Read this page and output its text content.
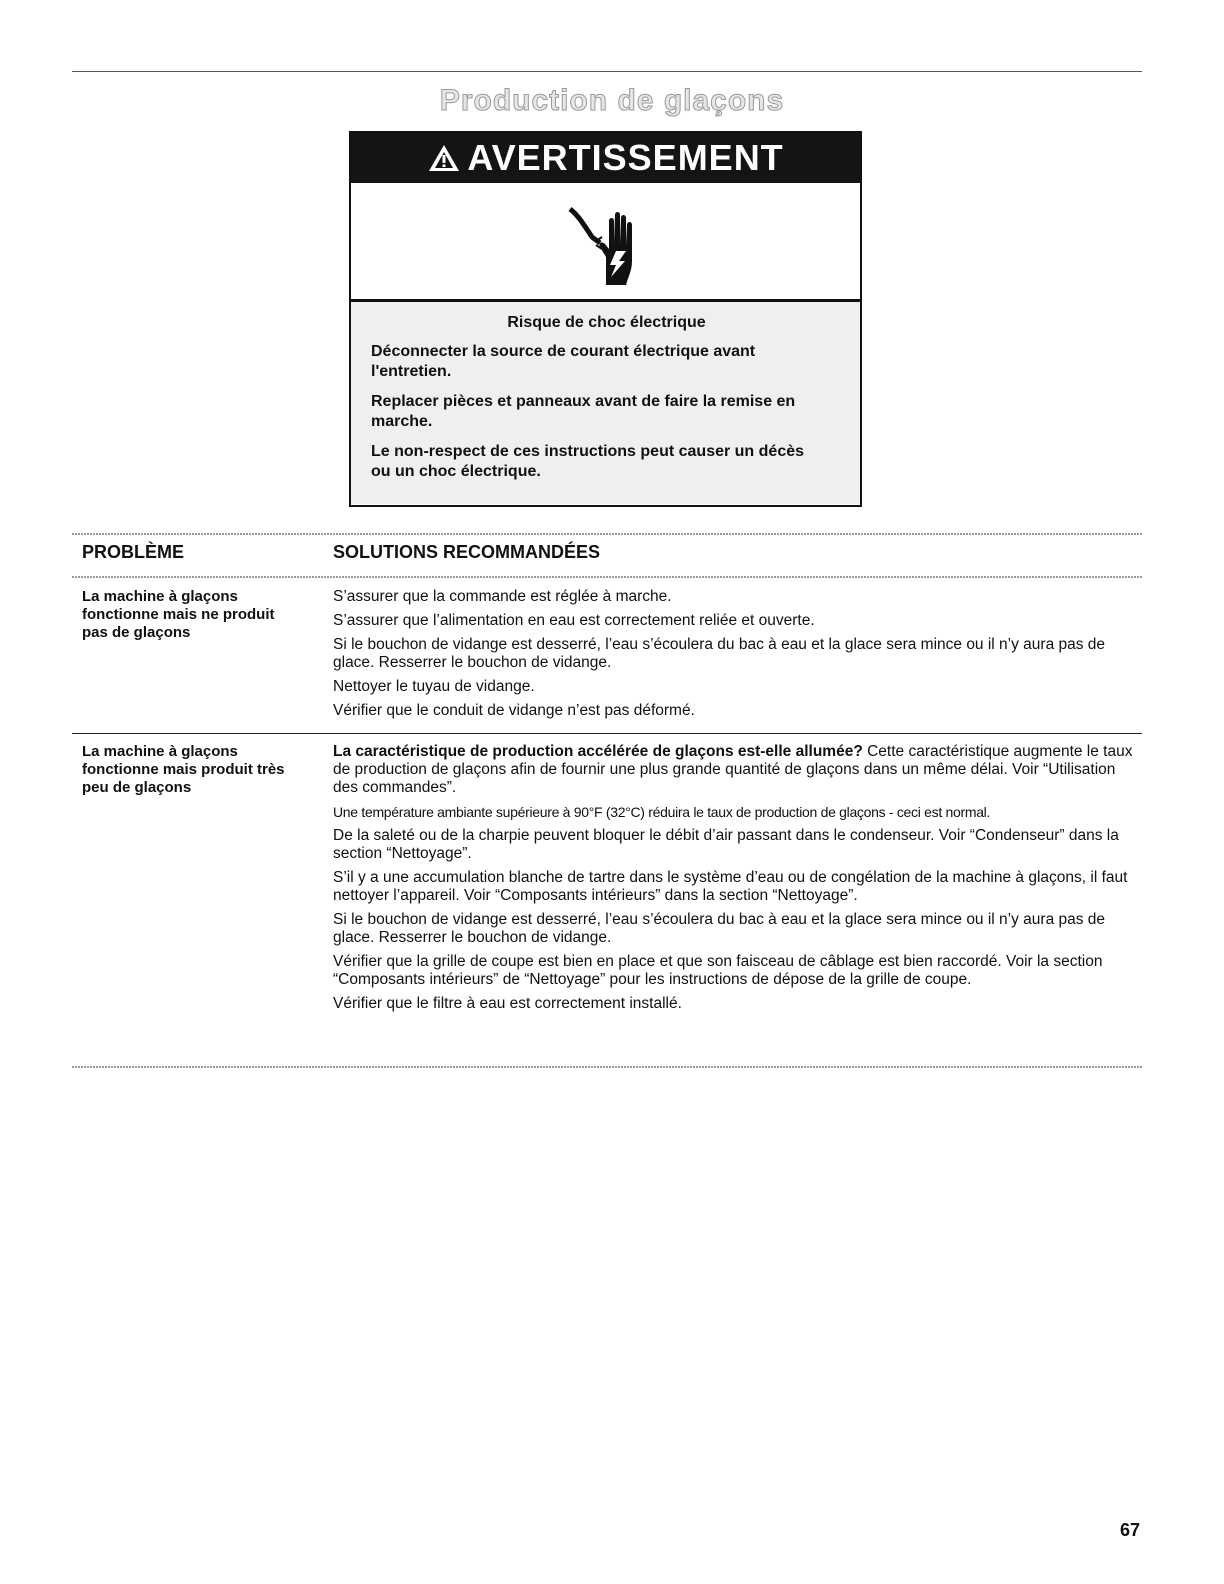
Production de glaçons
AVERTISSEMENT

Risque de choc électrique

Déconnecter la source de courant électrique avant l'entretien.

Replacer pièces et panneaux avant de faire la remise en marche.

Le non-respect de ces instructions peut causer un décès ou un choc électrique.

PROBLÈME	SOLUTIONS RECOMMANDÉES
La machine à glaçons fonctionne mais ne produit pas de glaçons

S’assurer que la commande est réglée à marche.

S’assurer que l’alimentation en eau est correctement reliée et ouverte.

Si le bouchon de vidange est desserré, l’eau s’écoulera du bac à eau et la glace sera mince ou il n’y aura pas de glace. Resserrer le bouchon de vidange.

Nettoyer le tuyau de vidange.

Vérifier que le conduit de vidange n’est pas déformé.

La machine à glaçons fonctionne mais produit très peu de glaçons

La caractéristique de production accélérée de glaçons est-elle allumée? Cette caractéristique augmente le taux de production de glaçons afin de fournir une plus grande quantité de glaçons dans un même délai. Voir “Utilisation des commandes”.

Une température ambiante supérieure à 90°F (32°C) réduira le taux de production de glaçons - ceci est normal.

De la saleté ou de la charpie peuvent bloquer le débit d’air passant dans le condenseur. Voir “Condenseur” dans la section “Nettoyage”.

S’il y a une accumulation blanche de tartre dans le système d’eau ou de congélation de la machine à glaçons, il faut nettoyer l’appareil. Voir “Composants intérieurs” dans la section “Nettoyage”.

Si le bouchon de vidange est desserré, l’eau s’écoulera du bac à eau et la glace sera mince ou il n’y aura pas de glace. Resserrer le bouchon de vidange.

Vérifier que la grille de coupe est bien en place et que son faisceau de câblage est bien raccordé. Voir la section “Composants intérieurs” de “Nettoyage” pour les instructions de dépose de la grille de coupe.

Vérifier que le filtre à eau est correctement installé.

67
